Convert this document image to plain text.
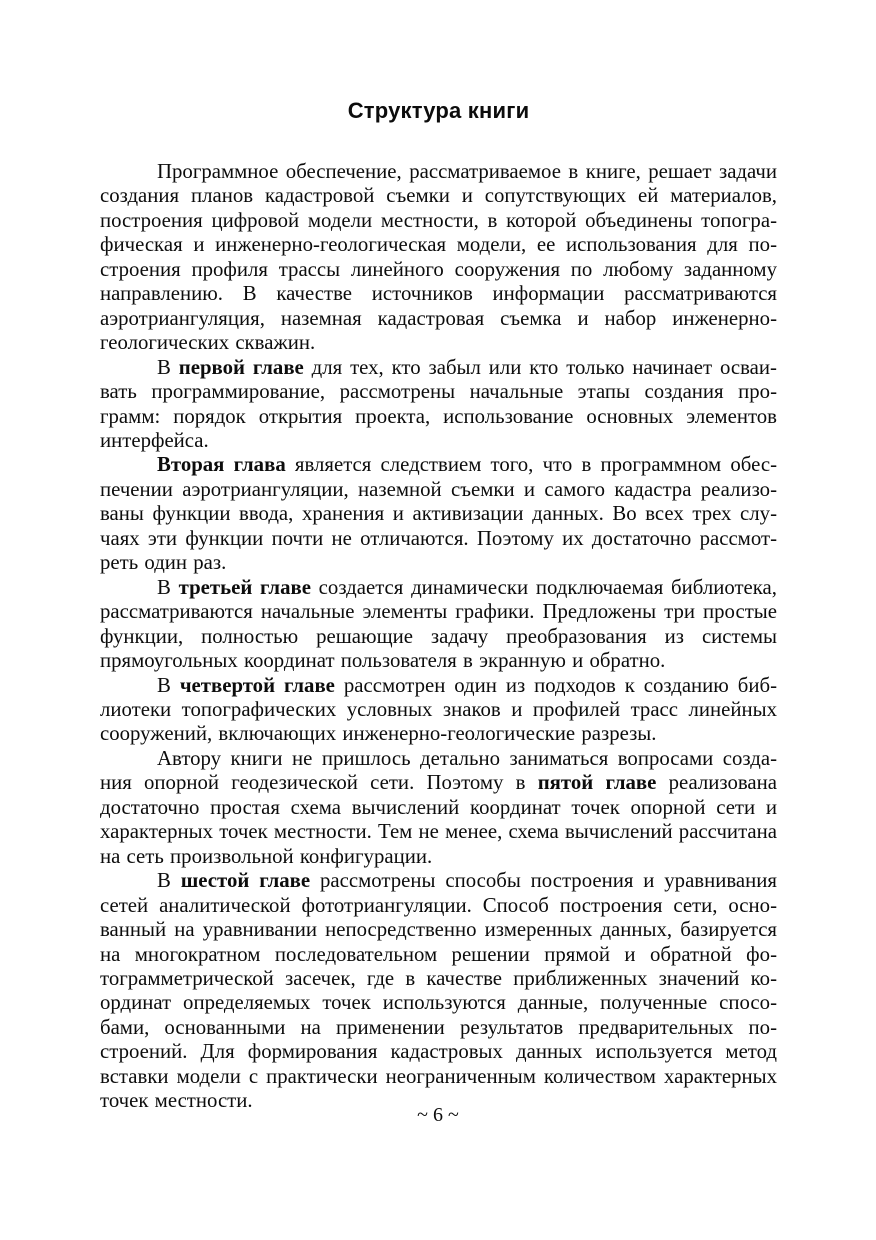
Структура книги

Программное обеспечение, рассматриваемое в книге, решает задачи создания планов кадастровой съемки и сопутствующих ей материалов, построения цифровой модели местности, в которой объединены топографическая и инженерно-геологическая модели, ее использования для построения профиля трассы линейного сооружения по любому заданному направлению. В качестве источников информации рассматриваются аэротриангуляция, наземная кадастровая съемка и набор инженерно-геологических скважин.

В первой главе для тех, кто забыл или кто только начинает осваивать программирование, рассмотрены начальные этапы создания программ: порядок открытия проекта, использование основных элементов интерфейса.

Вторая глава является следствием того, что в программном обеспечении аэротриангуляции, наземной съемки и самого кадастра реализованы функции ввода, хранения и активизации данных. Во всех трех случаях эти функции почти не отличаются. Поэтому их достаточно рассмотреть один раз.

В третьей главе создается динамически подключаемая библиотека, рассматриваются начальные элементы графики. Предложены три простые функции, полностью решающие задачу преобразования из системы прямоугольных координат пользователя в экранную и обратно.

В четвертой главе рассмотрен один из подходов к созданию библиотеки топографических условных знаков и профилей трасс линейных сооружений, включающих инженерно-геологические разрезы.

Автору книги не пришлось детально заниматься вопросами создания опорной геодезической сети. Поэтому в пятой главе реализована достаточно простая схема вычислений координат точек опорной сети и характерных точек местности. Тем не менее, схема вычислений рассчитана на сеть произвольной конфигурации.

В шестой главе рассмотрены способы построения и уравнивания сетей аналитической фототриангуляции. Способ построения сети, основанный на уравнивании непосредственно измеренных данных, базируется на многократном последовательном решении прямой и обратной фотограмметрической засечек, где в качестве приближенных значений координат определяемых точек используются данные, полученные способами, основанными на применении результатов предварительных построений. Для формирования кадастровых данных используется метод вставки модели с практически неограниченным количеством характерных точек местности.

~ 6 ~
